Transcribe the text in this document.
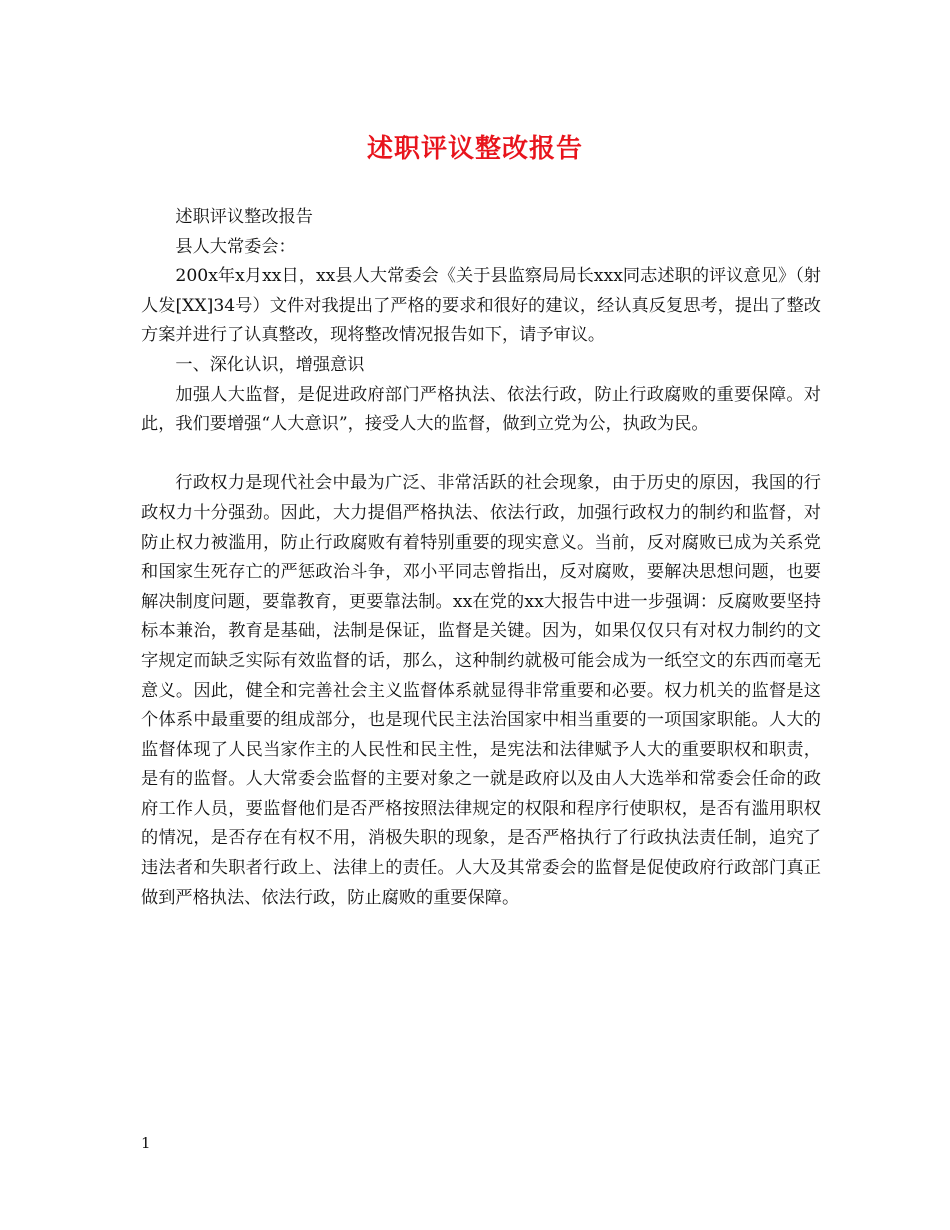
述职评议整改报告

述职评议整改报告

县人大常委会：

200x年x月xx日，xx县人大常委会《关于县监察局局长xxx同志述职的评议意见》（射人发[XX]34号）文件对我提出了严格的要求和很好的建议，经认真反复思考，提出了整改方案并进行了认真整改，现将整改情况报告如下，请予审议。

一、深化认识，增强意识

加强人大监督，是促进政府部门严格执法、依法行政，防止行政腐败的重要保障。对此，我们要增强“人大意识”，接受人大的监督，做到立党为公，执政为民。

行政权力是现代社会中最为广泛、非常活跃的社会现象，由于历史的原因，我国的行政权力十分强劲。因此，大力提倡严格执法、依法行政，加强行政权力的制约和监督，对防止权力被滥用，防止行政腐败有着特别重要的现实意义。当前，反对腐败已成为关系党和国家生死存亡的严惩政治斗争，邓小平同志曾指出，反对腐败，要解决思想问题，也要解决制度问题，要靠教育，更要靠法制。xx在党的xx大报告中进一步强调：反腐败要坚持标本兼治，教育是基础，法制是保证，监督是关键。因为，如果仅仅只有对权力制约的文字规定而缺乏实际有效监督的话，那么，这种制约就极可能会成为一纸空文的东西而毫无意义。因此，健全和完善社会主义监督体系就显得非常重要和必要。权力机关的监督是这个体系中最重要的组成部分，也是现代民主法治国家中相当重要的一项国家职能。人大的监督体现了人民当家作主的人民性和民主性，是宪法和法律赋予人大的重要职权和职责，是有的监督。人大常委会监督的主要对象之一就是政府以及由人大选举和常委会任命的政府工作人员，要监督他们是否严格按照法律规定的权限和程序行使职权，是否有滥用职权的情况，是否存在有权不用，消极失职的现象，是否严格执行了行政执法责任制，追究了违法者和失职者行政上、法律上的责任。人大及其常委会的监督是促使政府行政部门真正做到严格执法、依法行政，防止腐败的重要保障。

1
